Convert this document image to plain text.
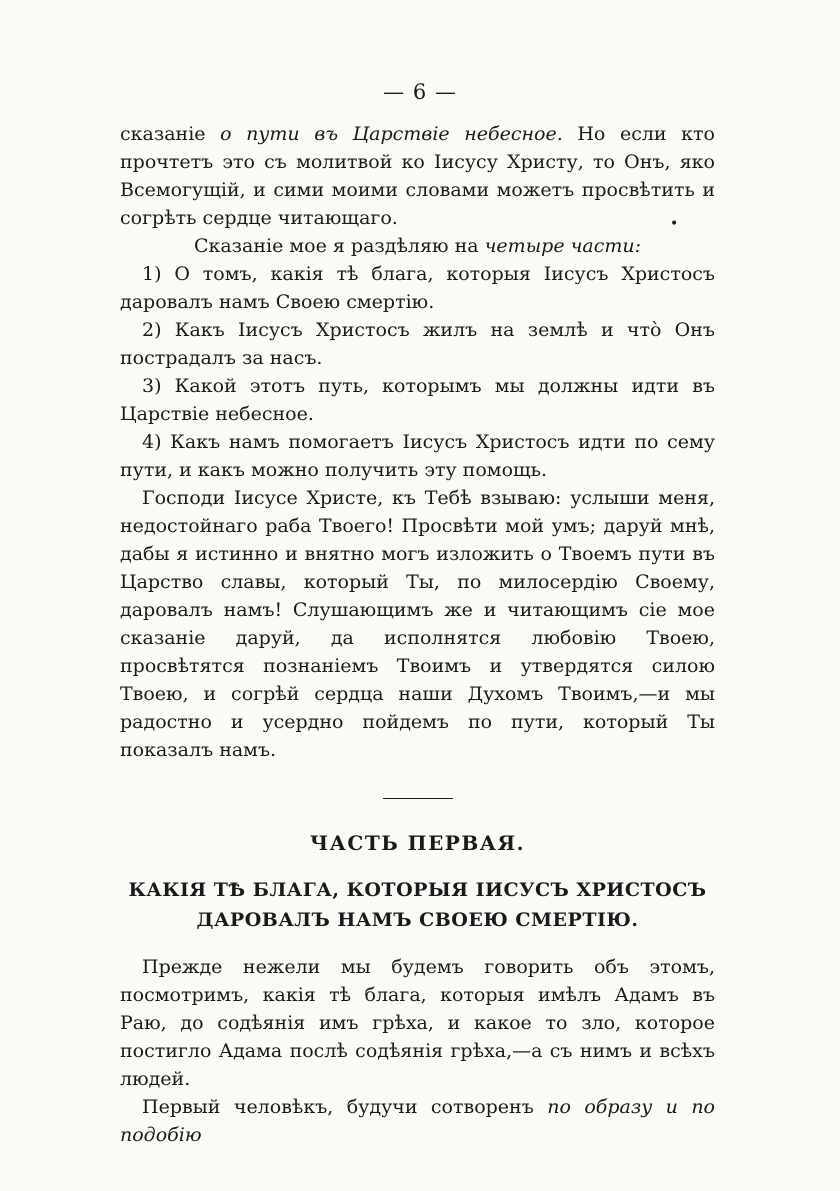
— 6 —
•

сказаніе о пути въ Царствіе небесное. Но если кто прочтетъ это съ молитвой ко Іисусу Христу, то Онъ, яко Всемогущій, и сими моими словами можетъ просвѣтить и согрѣть сердце читающаго.

Сказаніе мое я раздѣляю на четыре части:

1) О томъ, какія тѣ блага, которыя Іисусъ Христосъ даровалъ намъ Своею смертію.

2) Какъ Іисусъ Христосъ жилъ на землѣ и что̀ Онъ пострадалъ за насъ.

3) Какой этотъ путь, которымъ мы должны идти въ Царствіе небесное.

4) Какъ намъ помогаетъ Іисусъ Христосъ идти по сему пути, и какъ можно получить эту помощь.

Господи Іисусе Христе, къ Тебѣ взываю: услыши меня, недостойнаго раба Твоего! Просвѣти мой умъ; даруй мнѣ, дабы я истинно и внятно могъ изложить о Твоемъ пути въ Царство славы, который Ты, по милосердію Своему, даровалъ намъ! Слушающимъ же и читающимъ сіе мое сказаніе даруй, да исполнятся любовію Твоею, просвѣтятся познаніемъ Твоимъ и утвердятся силою Твоею, и согрѣй сердца наши Духомъ Твоимъ,—и мы радостно и усердно пойдемъ по пути, который Ты показалъ намъ.

ЧАСТЬ ПЕРВАЯ.
КАКІЯ ТѢ БЛАГА, КОТОРЫЯ ІИСУСЪ ХРИСТОСЪ ДАРОВАЛЪ НАМЪ СВОЕЮ СМЕРТІЮ.

Прежде нежели мы будемъ говорить объ этомъ, посмотримъ, какія тѣ блага, которыя имѣлъ Адамъ въ Раю, до содѣянія имъ грѣха, и какое то зло, которое постигло Адама послѣ содѣянія грѣха,—а съ нимъ и всѣхъ людей.

Первый человѣкъ, будучи сотворенъ по образу и по подобію
